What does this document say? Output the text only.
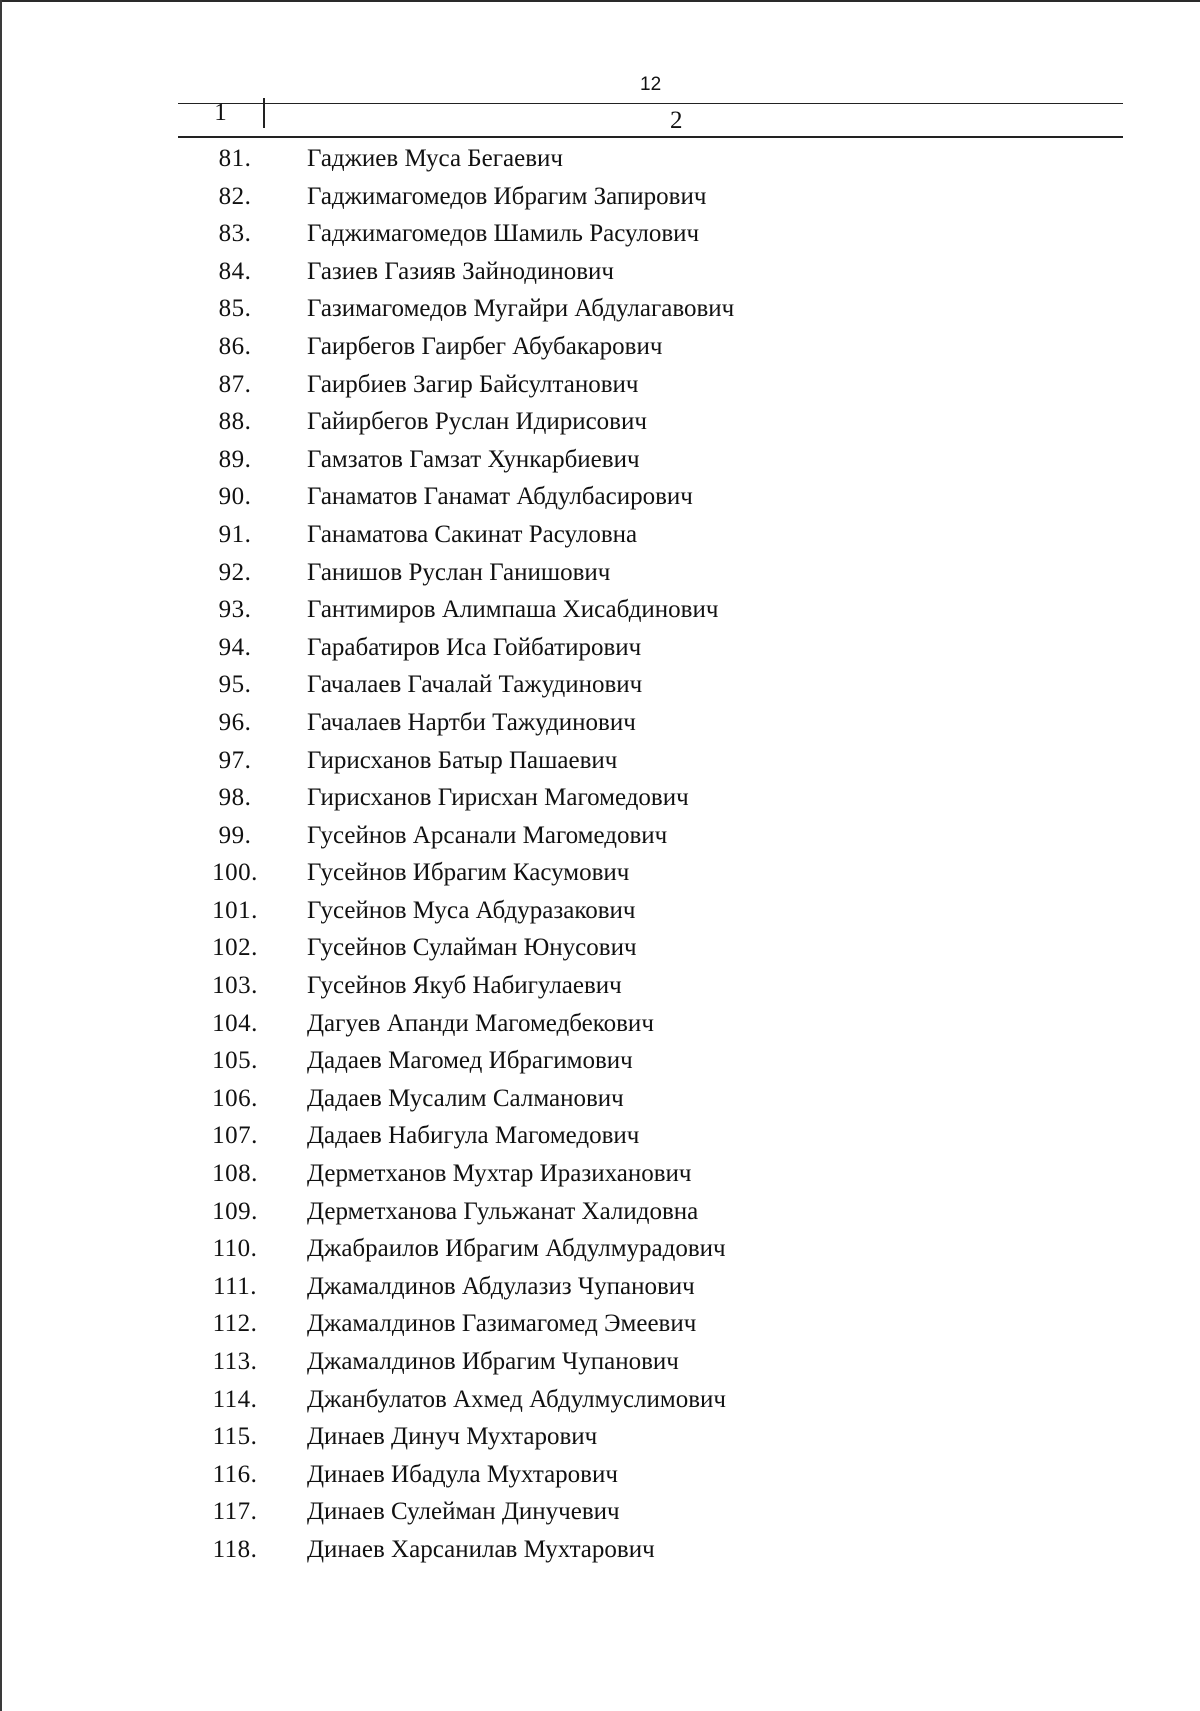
12
1	2
81.	Гаджиев Муса Бегаевич
82.	Гаджимагомедов Ибрагим Запирович
83.	Гаджимагомедов Шамиль Расулович
84.	Газиев Газияв Зайнодинович
85.	Газимагомедов Мугайри Абдулагавович
86.	Гаирбегов Гаирбег Абубакарович
87.	Гаирбиев Загир Байсултанович
88.	Гайирбегов Руслан Идирисович
89.	Гамзатов Гамзат Хункарбиевич
90.	Ганаматов Ганамат Абдулбасирович
91.	Ганаматова Сакинат Расуловна
92.	Ганишов Руслан Ганишович
93.	Гантимиров Алимпаша Хисабдинович
94.	Гарабатиров Иса Гойбатирович
95.	Гачалаев Гачалай Тажудинович
96.	Гачалаев Нартби Тажудинович
97.	Гирисханов Батыр Пашаевич
98.	Гирисханов Гирисхан Магомедович
99.	Гусейнов Арсанали Магомедович
100.	Гусейнов Ибрагим Касумович
101.	Гусейнов Муса Абдуразакович
102.	Гусейнов Сулайман Юнусович
103.	Гусейнов Якуб Набигулаевич
104.	Дагуев Апанди Магомедбекович
105.	Дадаев Магомед Ибрагимович
106.	Дадаев Мусалим Салманович
107.	Дадаев Набигула Магомедович
108.	Дерметханов Мухтар Иразиханович
109.	Дерметханова Гульжанат Халидовна
110.	Джабраилов Ибрагим Абдулмурадович
111.	Джамалдинов Абдулазиз Чупанович
112.	Джамалдинов Газимагомед Эмеевич
113.	Джамалдинов Ибрагим Чупанович
114.	Джанбулатов Ахмед Абдулмуслимович
115.	Динаев Динуч Мухтарович
116.	Динаев Ибадула Мухтарович
117.	Динаев Сулейман Динучевич
118.	Динаев Харсанилав Мухтарович
